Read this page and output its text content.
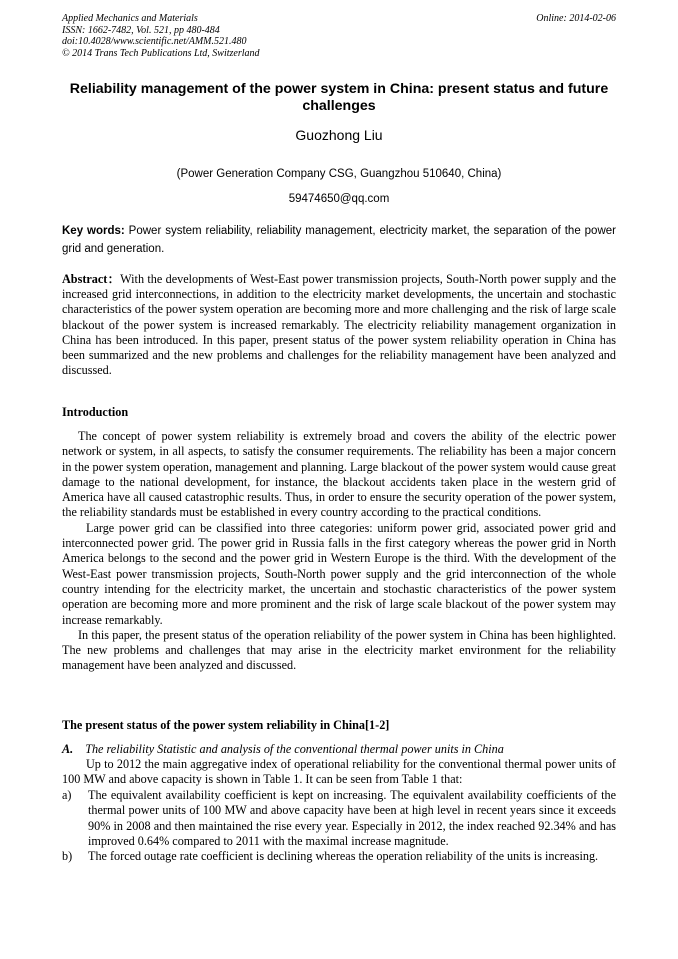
Applied Mechanics and Materials
ISSN: 1662-7482, Vol. 521, pp 480-484
doi:10.4028/www.scientific.net/AMM.521.480
© 2014 Trans Tech Publications Ltd, Switzerland
Online: 2014-02-06
Reliability management of the power system in China: present status and future challenges
Guozhong Liu
(Power Generation Company CSG, Guangzhou 510640, China)
59474650@qq.com
Key words: Power system reliability, reliability management, electricity market, the separation of the power grid and generation.
Abstract：With the developments of West-East power transmission projects, South-North power supply and the increased grid interconnections, in addition to the electricity market developments, the uncertain and stochastic characteristics of the power system operation are becoming more and more challenging and the risk of large scale blackout of the power system is increased remarkably. The electricity reliability management organization in China has been introduced. In this paper, present status of the power system reliability operation in China has been summarized and the new problems and challenges for the reliability management have been analyzed and discussed.
Introduction

The concept of power system reliability is extremely broad and covers the ability of the electric power network or system, in all aspects, to satisfy the consumer requirements. The reliability has been a major concern in the power system operation, management and planning. Large blackout of the power system would cause great damage to the national development, for instance, the blackout accidents taken place in the western grid of America have all caused catastrophic results. Thus, in order to ensure the security operation of the power system, the reliability standards must be established in every country according to the practical conditions.

Large power grid can be classified into three categories: uniform power grid, associated power grid and interconnected power grid. The power grid in Russia falls in the first category whereas the power grid in North America belongs to the second and the power grid in Western Europe is the third. With the development of the West-East power transmission projects, South-North power supply and the grid interconnection of the whole country intending for the electricity market, the uncertain and stochastic characteristics of the power system operation are becoming more and more prominent and the risk of large scale blackout of the power system may increase remarkably.

In this paper, the present status of the operation reliability of the power system in China has been highlighted. The new problems and challenges that may arise in the electricity market environment for the reliability management have been analyzed and discussed.

The present status of the power system reliability in China[1-2]
A. The reliability Statistic and analysis of the conventional thermal power units in China
Up to 2012 the main aggregative index of operational reliability for the conventional thermal power units of 100 MW and above capacity is shown in Table 1. It can be seen from Table 1 that:
a) The equivalent availability coefficient is kept on increasing. The equivalent availability coefficients of the thermal power units of 100 MW and above capacity have been at high level in recent years since it exceeds 90% in 2008 and then maintained the rise every year. Especially in 2012, the index reached 92.34% and has improved 0.64% compared to 2011 with the maximal increase magnitude.
b) The forced outage rate coefficient is declining whereas the operation reliability of the units is increasing.
